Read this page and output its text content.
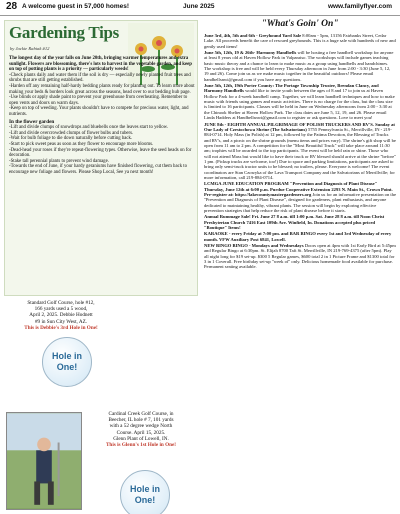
28 A welcome guest in 57,000 homes!	June 2025	www.familyflyer.com
Gardening Tips
by Jackie Rabiak #12

The longest day of the year falls on June 20th, bringing warmer temperatures and extra sunlight. Flowers are blossoming, there's lots to harvest in the vegetable garden, and keep on top of potting plants is a priority — particularly weeds!

-Check plants daily and water them if the soil is dry — especially newly planted fruit trees and shrubs that are still getting established.

-Harden off any remaining half-hardy bedding plants ready for planting out. To learn more about making your beds & borders look great across the seasons, head over to our bedding hub page.

-Use blinds or apply shade paint to prevent your greenhouse from overheating. Remember to open vents and doors on warm days.

-Keep on top of weeding. Your plants shouldn't have to compete for precious water, light, and nutrients.

In the flower garden

-Lift and divide clumps of snowdrops and bluebells once the leaves start to yellow.

-Lift and divide overcrowded clumps of flower bulbs and tubers.

-Wait for bulb foliage to die down naturally before cutting back.

-Start to pick sweet peas as soon as they flower to encourage more blooms.

-Dead-head your roses if they're repeat-flowering types. Otherwise, leave the seed heads on for decoration.

-Stake tall perennial plants to prevent wind damage.

-Towards the end of June, if your hardy geraniums have finished flowering, cut them back to encourage new foliage and flowers. Please Shop Local, See ya next month!

Standard Golf Course, hole #12,
166 yards used a 5 wood,
April 2, 2025. Debbie Hodnett
#9 in Sun City West, AZ.
This is Debbie's 3rd Hole in One!
Hole in
One!
Cardinal Creek Golf Course, in
Beecher, IL hole # 7, 101 yards
with a 52 degree wedge North
Course. April 15, 2025.
Glenn Plant of Lowell, IN.
This is Glenn's 1st Hole in One!
Hole in
One!
"What's Goin' On"

June 3rd, 4th, 5th and 6th - Greyhound Yard Sale 8:00am - 5pm, 13156 Fairbanks Street, Cedar Lake. All proceeds benefit the care of rescued greyhounds. This is a huge sale with hundreds of new and gently used items!

June 5th, 12th, 19 & 26th- Harmony Handbells will be hosting a free handbell workshop for anyone at least 8 years old at Haven Hollow Park in Valparaiso. The workshops will include games teaching basic music theory and a chance to learn to make music as a group using handbells and handchimes. The workshop is free and will be held every Thursday afternoon in June from 2:00 - 3:30 (June 5, 12, 19 and 26). Come join us as we make music together in the beautiful outdoors! Please email handbellsnwi@gmail.com if you have any questions.

June 5th, 12th, 19th Porter County: The Portage Township Trustee, Brendan Clancy, and Harmony Handbells would like to invite youth between the ages of 8 and 17 to join us at Haven Hollow Park for a 4-week handbell camp. Together, we will learn handbell techniques and how to make music with friends using games and music activities. There is no charge for the class, but the class size is limited to 16 participants. Classes will be held in June on Wednesday afternoons from 2:00 - 3:30 at the Chinook Shelter at Haven Hollow Park. The class dates are June 5, 12, 19, and 26. Please email Linda Hadders at Handbellsnwi@gmail.com to register or ask questions. Love to meet you!

JUNE 8th - EIGHTH ANNUAL PILGRIMAGE OF POLISH TRUCKERS AND RV'S. Sunday at Our Lady of Czestochowa Shrine (The Salvatorians) 5755 Pennsylvania St., Merrillville, IN - 219-884-0714. Holy Mass (in Polish) at 12 pm, followed by the Patima Devotion, the Blessing of Trucks and RV's, and a picnic on the shrine grounds (menu items and prices vary). The shrine's gift shop will be open from 11 am to 2 pm. A competition for the "Most Beautiful Truck" will take place around 11:30 am; trophies will be awarded to the top participants. The event will be held rain or shine. Those who will not attend Mass but would like to have their truck or RV blessed should arrive at the shrine "before" 1 pm. (Pickup trucks are welcome, too!) Due to space and parking limitations, participants are asked to bring only semi-truck tractor units to be blessed; no trailers, please. Everyone is welcome! The event coordinators are Stan Czosryka of the Lava Transport Company and the Salvatorians of Merrillville; for more information, call 219-884-0714.

LCMGA JUNE EDUCATION PROGRAM "Prevention and Diagnosis of Plant Disease" Thursday, June 12th at 6:00 p.m. Purdue Cooperative Extension 2293 N. Main St., Crown Point. Pre-register at: https://lakecountymastergardeners.org Join us for an informative presentation on the "Prevention and Diagnosis of Plant Disease", designed for gardeners, plant enthusiasts, and anyone dedicated to maintaining healthy, vibrant plants. The session will begin by exploring effective prevention strategies that help reduce the risk of plant disease before it starts.

Annual Rummage Sale! Fri. June 27 8 a.m. till 1:00 p.m. Sat. June 28 8 a.m. till Noon Christ Presbyterian Church 7416 East 109th Ave. Winfield, In. Donations accepted plus priced "Boutique" Items!

KARAOKE - every Friday at 7:00 pm. and BAR BINGO every 1st and 3rd Wednesday of every month. VFW Auxiliary Post 6841, Lowell.

NEW BINGO BINGO - Mondays and Wednesdays Doors open at 4pm with 1st Early Bird at 5:45pm and Regular Bingo at 6:30pm. St. Elijah 8700 Taft St. Merrillville, IN 219-769-4375 (after 5pm). Play all night long for $19 set-up. $300 5 Regular games, $600 total 2 in 1 Picture Frame and $1300 total for 3 in 1 Coverall. Free birthday set-up "week of" only. Delicious homemade food available for purchase. Permanent seating available.
